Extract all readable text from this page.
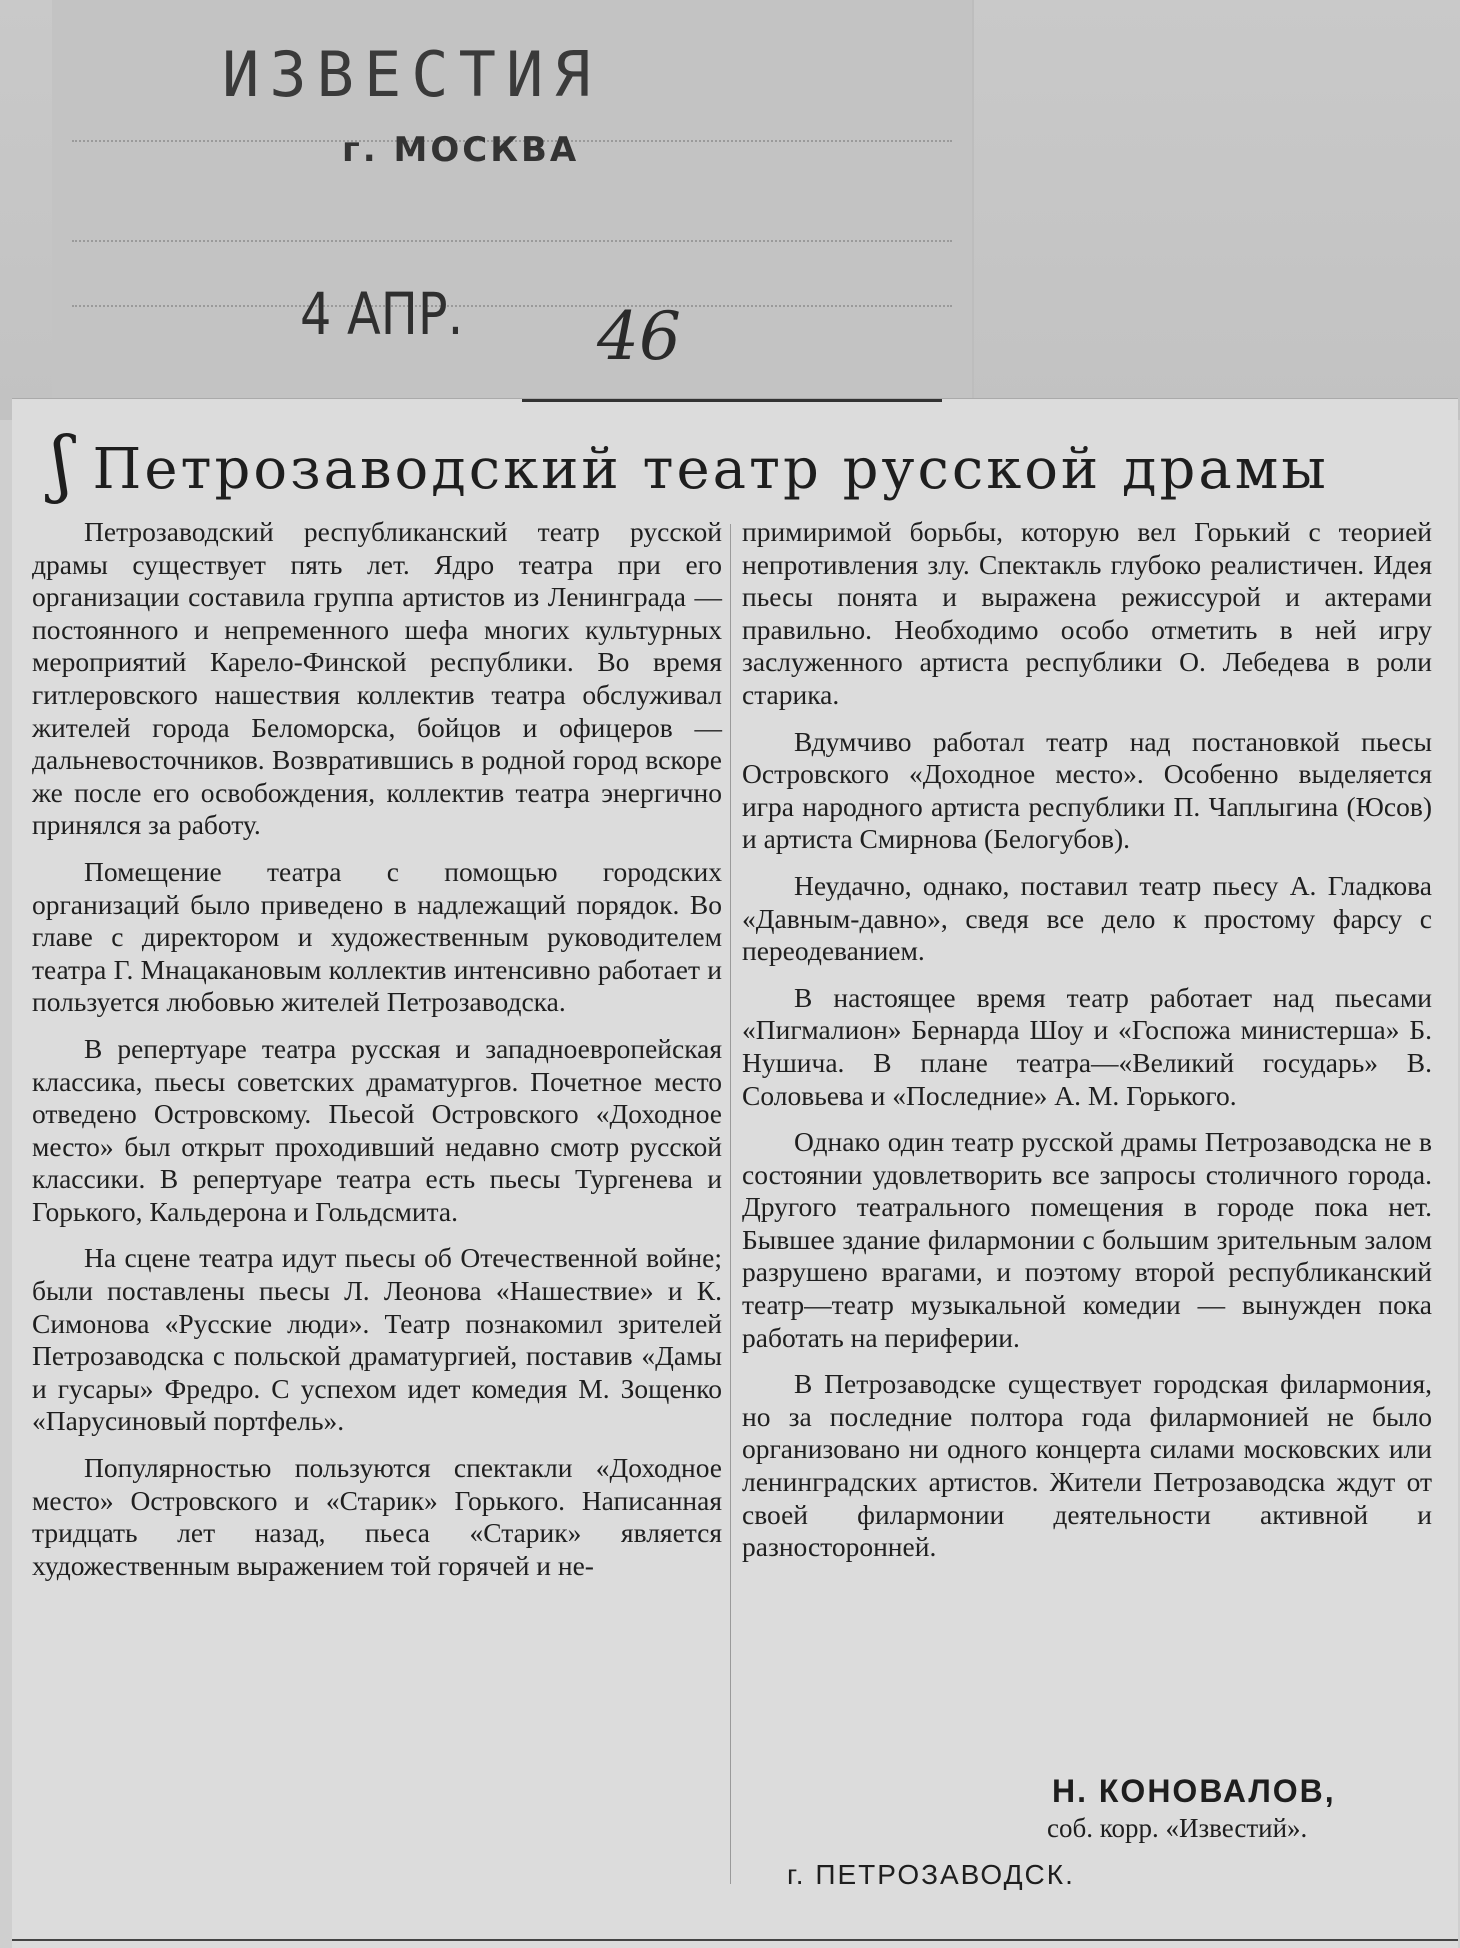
ИЗВЕСТИЯ
г. МОСКВА
4 АПР. 46
ʃ Петрозаводский театр русской драмы

Петрозаводский республиканский театр русской драмы существует пять лет. Ядро театра при его организации составила группа артистов из Ленинграда — постоянного и непременного шефа многих культурных мероприятий Карело-Финской республики. Во время гитлеровского нашествия коллектив театра обслуживал жителей города Беломорска, бойцов и офицеров — дальневосточников. Возвратившись в родной город вскоре же после его освобождения, коллектив театра энергично принялся за работу.

Помещение театра с помощью городских организаций было приведено в надлежащий порядок. Во главе с директором и художественным руководителем театра Г. Мнацакановым коллектив интенсивно работает и пользуется любовью жителей Петрозаводска.

В репертуаре театра русская и западноевропейская классика, пьесы советских драматургов. Почетное место отведено Островскому. Пьесой Островского «Доходное место» был открыт проходивший недавно смотр русской классики. В репертуаре театра есть пьесы Тургенева и Горького, Кальдерона и Гольдсмита.

На сцене театра идут пьесы об Отечественной войне; были поставлены пьесы Л. Леонова «Нашествие» и К. Симонова «Русские люди». Театр познакомил зрителей Петрозаводска с польской драматургией, поставив «Дамы и гусары» Фредро. С успехом идет комедия М. Зощенко «Парусиновый портфель».

Популярностью пользуются спектакли «Доходное место» Островского и «Старик» Горького. Написанная тридцать лет назад, пьеса «Старик» является художественным выражением той горячей и не-

примиримой борьбы, которую вел Горький с теорией непротивления злу. Спектакль глубоко реалистичен. Идея пьесы понята и выражена режиссурой и актерами правильно. Необходимо особо отметить в ней игру заслуженного артиста республики О. Лебедева в роли старика.

Вдумчиво работал театр над постановкой пьесы Островского «Доходное место». Особенно выделяется игра народного артиста республики П. Чаплыгина (Юсов) и артиста Смирнова (Белогубов).

Неудачно, однако, поставил театр пьесу А. Гладкова «Давным-давно», сведя все дело к простому фарсу с переодеванием.

В настоящее время театр работает над пьесами «Пигмалион» Бернарда Шоу и «Госпожа министерша» Б. Нушича. В плане театра—«Великий государь» В. Соловьева и «Последние» А. М. Горького.

Однако один театр русской драмы Петрозаводска не в состоянии удовлетворить все запросы столичного города. Другого театрального помещения в городе пока нет. Бывшее здание филармонии с большим зрительным залом разрушено врагами, и поэтому второй республиканский театр—театр музыкальной комедии — вынужден пока работать на периферии.

В Петрозаводске существует городская филармония, но за последние полтора года филармонией не было организовано ни одного концерта силами московских или ленинградских артистов. Жители Петрозаводска ждут от своей филармонии деятельности активной и разносторонней.

Н. КОНОВАЛОВ,
соб. корр. «Известий».
г. ПЕТРОЗАВОДСК.
